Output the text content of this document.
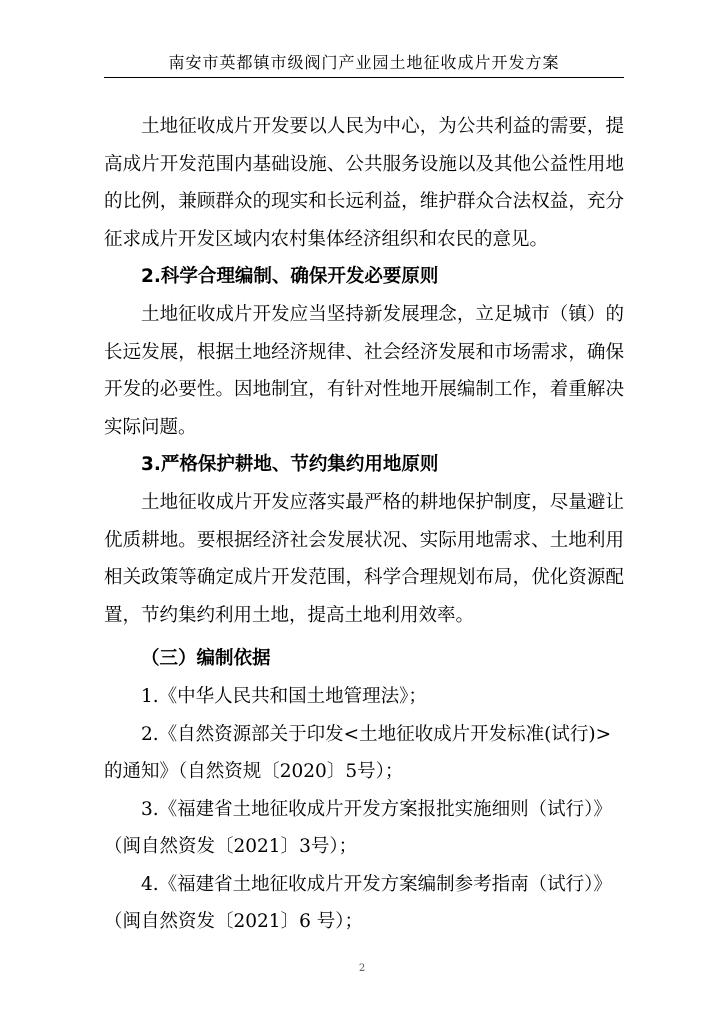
南安市英都镇市级阀门产业园土地征收成片开发方案

土地征收成片开发要以人民为中心，为公共利益的需要，提高成片开发范围内基础设施、公共服务设施以及其他公益性用地的比例，兼顾群众的现实和长远利益，维护群众合法权益，充分征求成片开发区域内农村集体经济组织和农民的意见。

2.科学合理编制、确保开发必要原则

土地征收成片开发应当坚持新发展理念，立足城市（镇）的长远发展，根据土地经济规律、社会经济发展和市场需求，确保开发的必要性。因地制宜，有针对性地开展编制工作，着重解决实际问题。

3.严格保护耕地、节约集约用地原则

土地征收成片开发应落实最严格的耕地保护制度，尽量避让优质耕地。要根据经济社会发展状况、实际用地需求、土地利用相关政策等确定成片开发范围，科学合理规划布局，优化资源配置，节约集约利用土地，提高土地利用效率。

（三）编制依据

1.《中华人民共和国土地管理法》；

2.《自然资源部关于印发<土地征收成片开发标准(试行)>的通知》（自然资规〔2020〕5号）；

3.《福建省土地征收成片开发方案报批实施细则（试行）》（闽自然资发〔2021〕3号）；

4.《福建省土地征收成片开发方案编制参考指南（试行）》（闽自然资发〔2021〕6 号）；

2
